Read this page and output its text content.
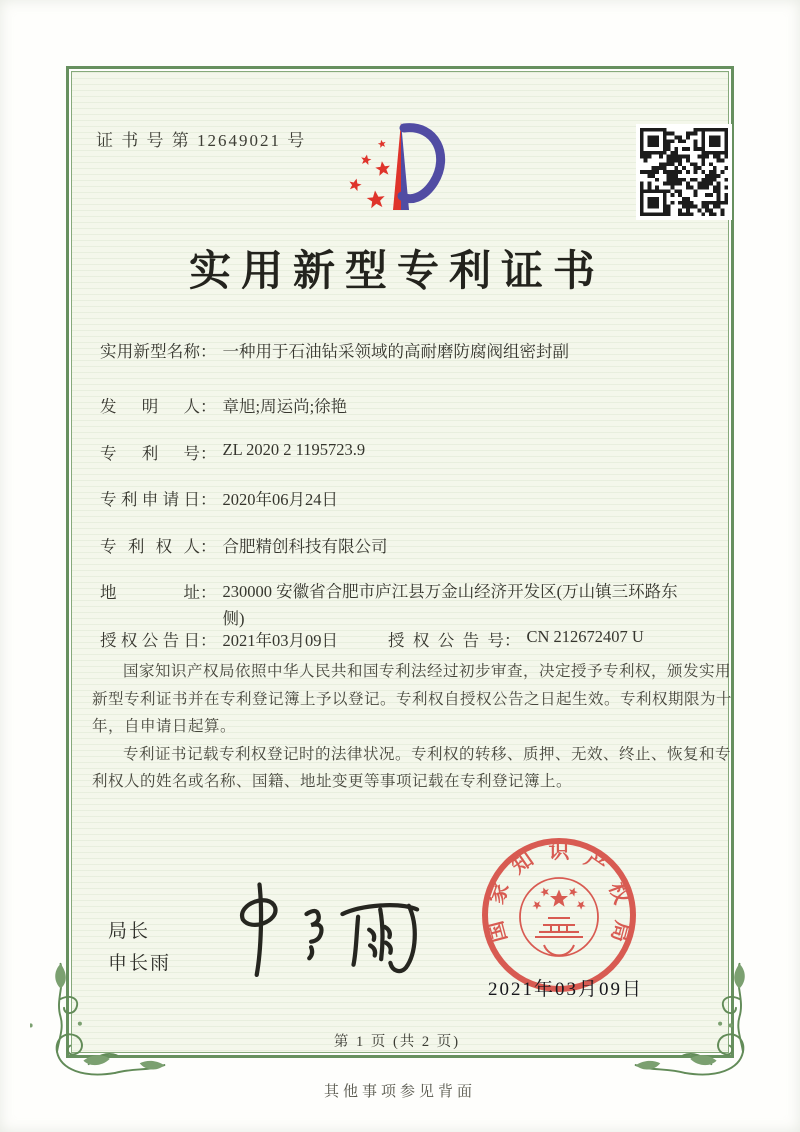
证 书 号 第 12649021 号
实用新型专利证书
实用新型名称： 一种用于石油钻采领域的高耐磨防腐阀组密封副
发明人： 章旭;周运尚;徐艳
专利号： ZL 2020 2 1195723.9
专利申请日： 2020年06月24日
专利权人： 合肥精创科技有限公司
地址： 230000 安徽省合肥市庐江县万金山经济开发区(万山镇三环路东侧)
授权公告日： 2021年03月09日	授权公告号： CN 212672407 U

国家知识产权局依照中华人民共和国专利法经过初步审查，决定授予专利权，颁发实用新型专利证书并在专利登记簿上予以登记。专利权自授权公告之日起生效。专利权期限为十年，自申请日起算。

专利证书记载专利权登记时的法律状况。专利权的转移、质押、无效、终止、恢复和专利权人的姓名或名称、国籍、地址变更等事项记载在专利登记簿上。

局长
申长雨
国
家
知 识 产
权
局
2021年03月09日
第 1 页 (共 2 页)
其他事项参见背面
